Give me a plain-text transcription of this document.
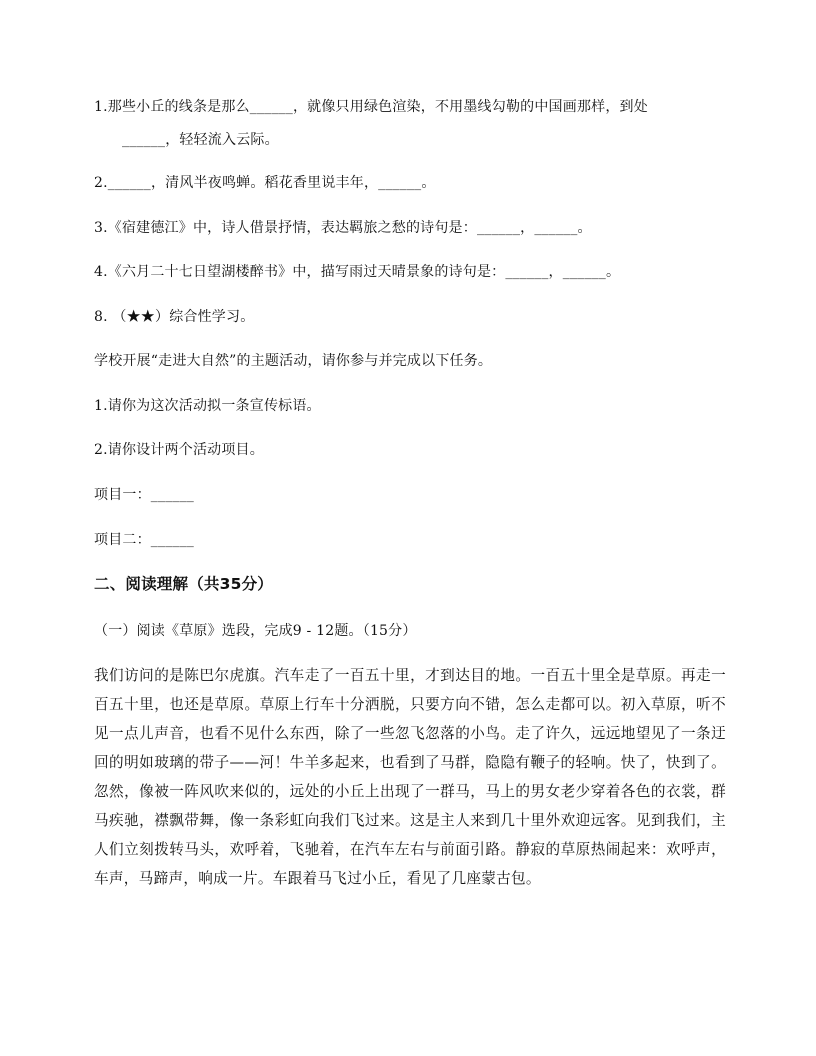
1.那些小丘的线条是那么______，就像只用绿色渲染，不用墨线勾勒的中国画那样，到处
______，轻轻流入云际。
2.______，清风半夜鸣蝉。稻花香里说丰年，______。
3.《宿建德江》中，诗人借景抒情，表达羁旅之愁的诗句是：______，______。
4.《六月二十七日望湖楼醉书》中，描写雨过天晴景象的诗句是：______，______。
8. （★★）综合性学习。
学校开展“走进大自然”的主题活动，请你参与并完成以下任务。
1.请你为这次活动拟一条宣传标语。
2.请你设计两个活动项目。
项目一：______
项目二：______
二、阅读理解（共35分）
（一）阅读《草原》选段，完成9 - 12题。（15分）
我们访问的是陈巴尔虎旗。汽车走了一百五十里，才到达目的地。一百五十里全是草原。再走一百五十里，也还是草原。草原上行车十分洒脱，只要方向不错，怎么走都可以。初入草原，听不见一点儿声音，也看不见什么东西，除了一些忽飞忽落的小鸟。走了许久，远远地望见了一条迂回的明如玻璃的带子——河！牛羊多起来，也看到了马群，隐隐有鞭子的轻响。快了，快到了。忽然，像被一阵风吹来似的，远处的小丘上出现了一群马，马上的男女老少穿着各色的衣裳，群马疾驰，襟飘带舞，像一条彩虹向我们飞过来。这是主人来到几十里外欢迎远客。见到我们，主人们立刻拨转马头，欢呼着，飞驰着，在汽车左右与前面引路。静寂的草原热闹起来：欢呼声，车声，马蹄声，响成一片。车跟着马飞过小丘，看见了几座蒙古包。
